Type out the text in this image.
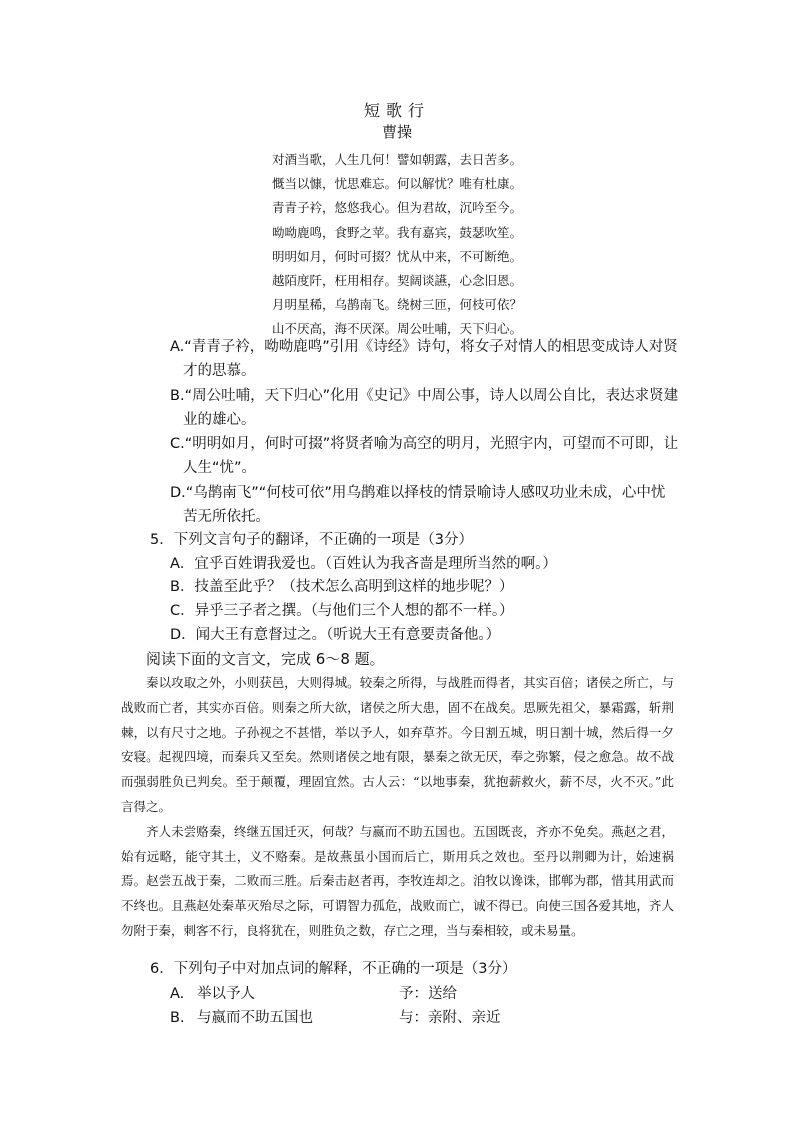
短歌行
曹操
对酒当歌，人生几何！譬如朝露，去日苦多。
慨当以慷，忧思难忘。何以解忧？唯有杜康。
青青子衿，悠悠我心。但为君故，沉吟至今。
呦呦鹿鸣，食野之苹。我有嘉宾，鼓瑟吹笙。
明明如月，何时可掇？忧从中来，不可断绝。
越陌度阡，枉用相存。契阔谈讌，心念旧恩。
月明星稀，乌鹊南飞。绕树三匝，何枝可依？
山不厌高，海不厌深。周公吐哺，天下归心。
A.“青青子衿，呦呦鹿鸣”引用《诗经》诗句，将女子对情人的相思变成诗人对贤
才的思慕。
B.“周公吐哺，天下归心”化用《史记》中周公事，诗人以周公自比，表达求贤建
业的雄心。
C.“明明如月，何时可掇”将贤者喻为高空的明月，光照宇内，可望而不可即，让
人生“忧”。
D.“乌鹊南飞”“何枝可依”用乌鹊难以择枝的情景喻诗人感叹功业未成，心中忧
苦无所依托。
5．下列文言句子的翻译，不正确的一项是（3分）
A．宜乎百姓谓我爱也。（百姓认为我吝啬是理所当然的啊。）
B．技盖至此乎？（技术怎么高明到这样的地步呢？）
C．异乎三子者之撰。（与他们三个人想的都不一样。）
D．闻大王有意督过之。（听说大王有意要责备他。）
阅读下面的文言文，完成 6～8 题。

秦以攻取之外，小则获邑，大则得城。较秦之所得，与战胜而得者，其实百倍；诸侯之所亡，与战败而亡者，其实亦百倍。则秦之所大欲，诸侯之所大患，固不在战矣。思厥先祖父，暴霜露，斩荆棘，以有尺寸之地。子孙视之不甚惜，举以予人，如弃草芥。今日割五城，明日割十城，然后得一夕安寝。起视四境，而秦兵又至矣。然则诸侯之地有限，暴秦之欲无厌，奉之弥繁，侵之愈急。故不战而强弱胜负已判矣。至于颠覆，理固宜然。古人云：“以地事秦，犹抱薪救火，薪不尽，火不灭。”此言得之。

齐人未尝赂秦，终继五国迁灭，何哉？与嬴而不助五国也。五国既丧，齐亦不免矣。燕赵之君，始有远略，能守其土，义不赂秦。是故燕虽小国而后亡，斯用兵之效也。至丹以荆卿为计，始速祸焉。赵尝五战于秦，二败而三胜。后秦击赵者再，李牧连却之。洎牧以谗诛，邯郸为郡，惜其用武而不终也。且燕赵处秦革灭殆尽之际，可谓智力孤危，战败而亡，诚不得已。向使三国各爱其地，齐人勿附于秦，刺客不行，良将犹在，则胜负之数，存亡之理，当与秦相较，或未易量。

6．下列句子中对加点词的解释，不正确的一项是（3分）
A. 举以予人	予：送给
B. 与嬴而不助五国也	与：亲附、亲近
